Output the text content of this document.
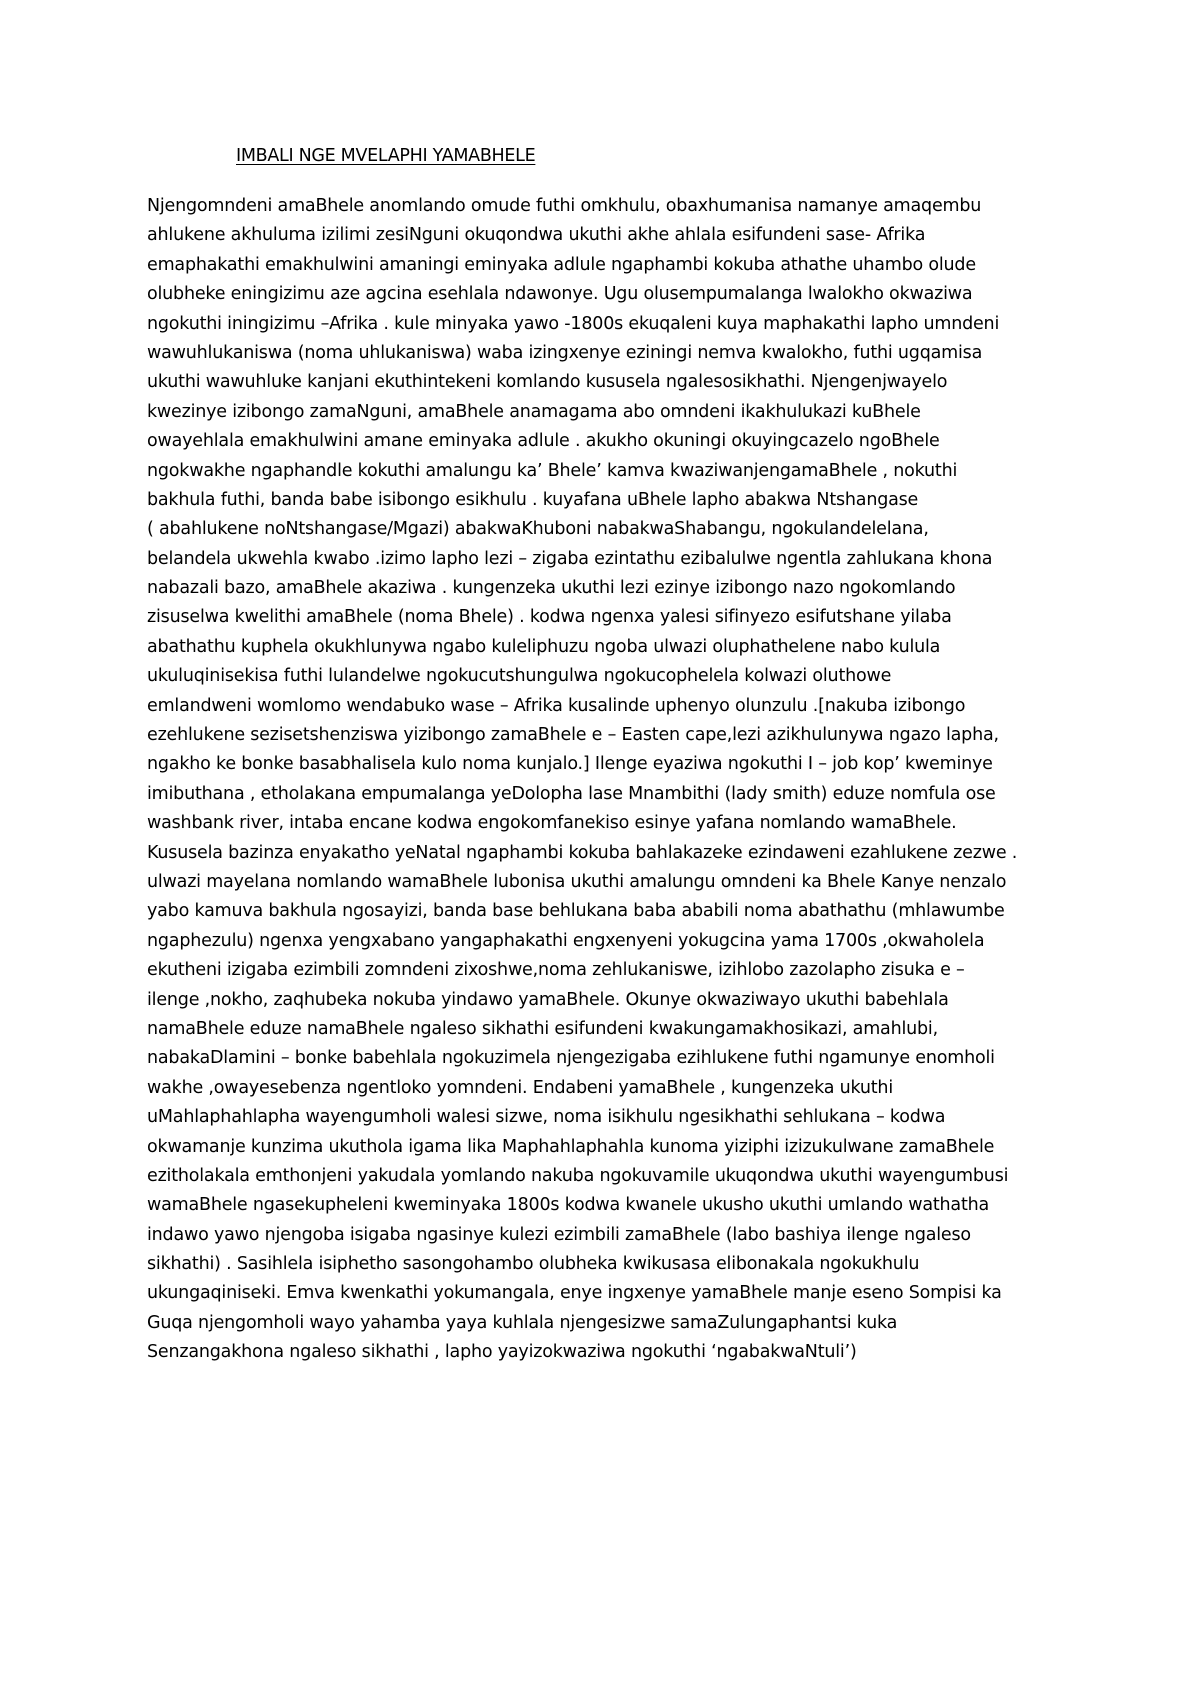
IMBALI NGE MVELAPHI YAMABHELE
Njengomndeni amaBhele anomlando omude futhi omkhulu, obaxhumanisa namanye amaqembu
ahlukene akhuluma izilimi zesiNguni okuqondwa ukuthi akhe ahlala esifundeni sase- Afrika
emaphakathi emakhulwini amaningi eminyaka adlule ngaphambi kokuba athathe uhambo olude
olubheke eningizimu aze agcina esehlala ndawonye. Ugu olusempumalanga lwalokho okwaziwa
ngokuthi iningizimu –Afrika . kule minyaka yawo -1800s ekuqaleni kuya maphakathi lapho umndeni
wawuhlukaniswa (noma uhlukaniswa) waba izingxenye eziningi nemva kwalokho, futhi ugqamisa
ukuthi wawuhluke kanjani ekuthintekeni komlando kususela ngalesosikhathi. Njengenjwayelo
kwezinye izibongo zamaNguni, amaBhele anamagama abo omndeni ikakhulukazi kuBhele
owayehlala emakhulwini amane eminyaka adlule . akukho okuningi okuyingcazelo ngoBhele
ngokwakhe ngaphandle kokuthi amalungu ka’ Bhele’ kamva kwaziwanjengamaBhele , nokuthi
bakhula futhi, banda babe isibongo esikhulu . kuyafana uBhele lapho abakwa Ntshangase
( abahlukene noNtshangase/Mgazi) abakwaKhuboni nabakwaShabangu, ngokulandelelana,
belandela ukwehla kwabo .izimo lapho lezi – zigaba ezintathu ezibalulwe ngentla zahlukana khona
nabazali bazo, amaBhele akaziwa . kungenzeka ukuthi lezi ezinye izibongo nazo ngokomlando
zisuselwa kwelithi amaBhele (noma Bhele) . kodwa ngenxa yalesi sifinyezo esifutshane yilaba
abathathu kuphela okukhlunywa ngabo kuleliphuzu ngoba ulwazi oluphathelene nabo kulula
ukuluqinisekisa futhi lulandelwe ngokucutshungulwa ngokucophelela kolwazi oluthowe
emlandweni womlomo wendabuko wase – Afrika kusalinde uphenyo olunzulu .[nakuba izibongo
ezehlukene sezisetshenziswa yizibongo zamaBhele e – Easten cape,lezi azikhulunywa ngazo lapha,
ngakho ke bonke basabhalisela kulo noma kunjalo.] Ilenge eyaziwa ngokuthi I – job kop’ kweminye
imibuthana , etholakana empumalanga yeDolopha lase Mnambithi (lady smith) eduze nomfula ose
washbank river, intaba encane kodwa engokomfanekiso esinye yafana nomlando wamaBhele.
Kususela bazinza enyakatho yeNatal ngaphambi kokuba bahlakazeke ezindaweni ezahlukene zezwe .
ulwazi mayelana nomlando wamaBhele lubonisa ukuthi amalungu omndeni ka Bhele Kanye nenzalo
yabo kamuva bakhula ngosayizi, banda base behlukana baba ababili noma abathathu (mhlawumbe
ngaphezulu) ngenxa yengxabano yangaphakathi engxenyeni yokugcina yama 1700s ,okwaholela
ekutheni izigaba ezimbili zomndeni zixoshwe,noma zehlukaniswe, izihlobo zazolapho zisuka e –
ilenge ,nokho, zaqhubeka nokuba yindawo yamaBhele. Okunye okwaziwayo ukuthi babehlala
namaBhele eduze namaBhele ngaleso sikhathi esifundeni kwakungamakhosikazi, amahlubi,
nabakaDlamini – bonke babehlala ngokuzimela njengezigaba ezihlukene futhi ngamunye enomholi
wakhe ,owayesebenza ngentloko yomndeni. Endabeni yamaBhele , kungenzeka ukuthi
uMahlaphahlapha wayengumholi walesi sizwe, noma isikhulu ngesikhathi sehlukana – kodwa
okwamanje kunzima ukuthola igama lika Maphahlaphahla kunoma yiziphi izizukulwane zamaBhele
ezitholakala emthonjeni yakudala yomlando nakuba ngokuvamile ukuqondwa ukuthi wayengumbusi
wamaBhele ngasekupheleni kweminyaka 1800s kodwa kwanele ukusho ukuthi umlando wathatha
indawo yawo njengoba isigaba ngasinye kulezi ezimbili zamaBhele (labo bashiya ilenge ngaleso
sikhathi) . Sasihlela isiphetho sasongohambo olubheka kwikusasa elibonakala ngokukhulu
ukungaqiniseki. Emva kwenkathi yokumangala, enye ingxenye yamaBhele manje eseno Sompisi ka
Guqa njengomholi wayo yahamba yaya kuhlala njengesizwe samaZulungaphantsi kuka
Senzangakhona ngaleso sikhathi , lapho yayizokwaziwa ngokuthi ‘ngabakwaNtuli’)
